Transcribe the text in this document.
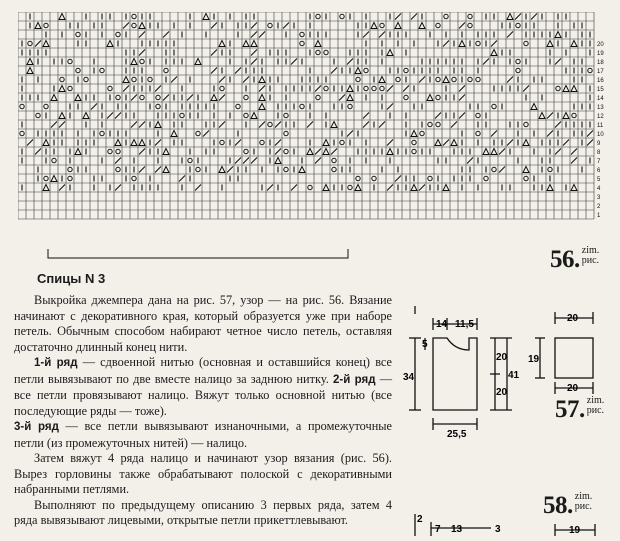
20
19
18
17
16
15
14
13
12
11
10
9
8
7
6
5
4
3
2
1
56. zim.
рис.
Спицы N 3

Выкройка джемпера дана на рис. 57, узор — на рис. 56. Вязание начинают с декоративного края, который образуется уже при наборе петель. Обычным способом набирают четное число петель, оставляя достаточно длинный конец нити.

1-й ряд — сдвоенной нитью (основная и оставшийся конец) все петли вывязывают по две вместе налицо за заднюю нитку. 2-й ряд — все петли провязывают налицо. Вяжут только основной нитью (все последующие ряды — тоже).

3-й ряд — все петли вывязывают изнаночными, а промежуточные петли (из промежуточных нитей) — налицо.

Затем вяжут 4 ряда налицо и начинают узор вязания (рис. 56). Вырез горловины также обрабатывают полоской с декоративными набранными петлями.

Выполняют по предыдущему описанию 3 первых ряда, затем 4 ряда вывязывают лицевыми, открытые петли прикеттлевывают.

14 11,5
5
34
20
20
41
25,5
20
19
20
2
7 13	3	19
57. zim.
рис.
58. zim.
рис.
